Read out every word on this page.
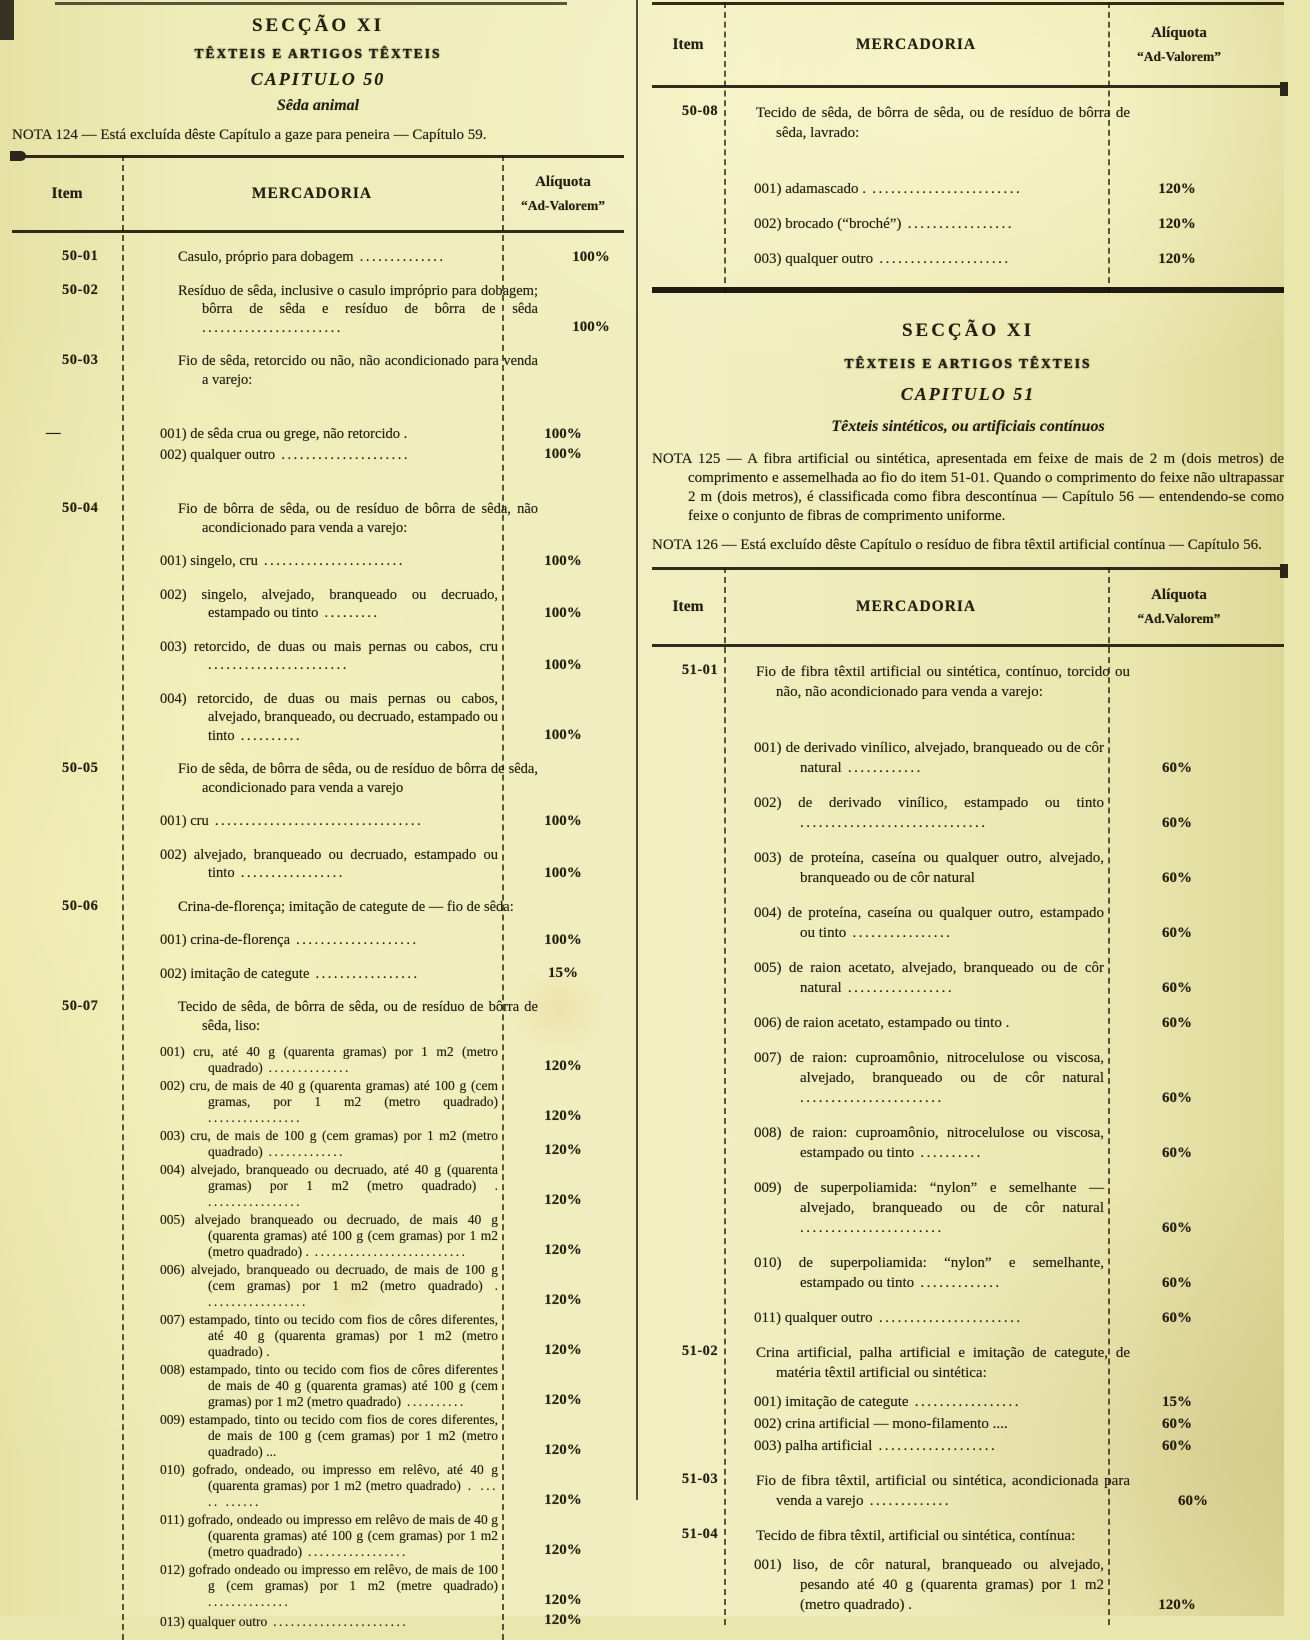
SECÇÃO XI
TÊXTEIS E ARTIGOS TÊXTEIS
CAPITULO 50
Sêda animal
NOTA 124 — Está excluída dêste Capítulo a gaze para peneira — Capítulo 59.
Item	MERCADORIA
Alíquota
“Ad-Valorem”
50-01	Casulo, próprio para dobagem ..............	100%
50-02	Resíduo de sêda, inclusive o casulo impróprio para dobagem; bôrra de sêda e resíduo de bôrra de sêda .......................	100%
50-03	Fio de sêda, retorcido ou não, não acondicionado para venda a varejo:
—	001) de sêda crua ou grege, não retorcido .	100%
002) qualquer outro .....................	100%
50-04	Fio de bôrra de sêda, ou de resíduo de bôrra de sêda, não acondicionado para venda a varejo:
001) singelo, cru .......................	100%
002) singelo, alvejado, branqueado ou decruado, estampado ou tinto .........	100%
003) retorcido, de duas ou mais pernas ou cabos, cru .......................	100%
004) retorcido, de duas ou mais pernas ou cabos, alvejado, branqueado, ou decruado, estampado ou tinto ..........	100%
50-05	Fio de sêda, de bôrra de sêda, ou de resíduo de bôrra de sêda, acondicionado para venda a varejo
001) cru ..................................	100%
002) alvejado, branqueado ou decruado, estampado ou tinto .................	100%
50-06	Crina-de-florença; imitação de categute de — fio de sêda:
001) crina-de-florença ....................	100%
002) imitação de categute .................	15%
50-07	Tecido de sêda, de bôrra de sêda, ou de resíduo de bôrra de sêda, liso:
001) cru, até 40 g (quarenta gramas) por 1 m2 (metro quadrado) ..............	120%
002) cru, de mais de 40 g (quarenta gramas) até 100 g (cem gramas, por 1 m2 (metro quadrado) ................	120%
003) cru, de mais de 100 g (cem gramas) por 1 m2 (metro quadrado) .............	120%
004) alvejado, branqueado ou decruado, até 40 g (quarenta gramas) por 1 m2 (metro quadrado) . ................	120%
005) alvejado branqueado ou decruado, de mais 40 g (quarenta gramas) até 100 g (cem gramas) por 1 m2 (metro quadrado) . ..........................	120%
006) alvejado, branqueado ou decruado, de mais de 100 g (cem gramas) por 1 m2 (metro quadrado) . .................	120%
007) estampado, tinto ou tecido com fios de côres diferentes, até 40 g (quarenta gramas) por 1 m2 (metro quadrado) .	120%
008) estampado, tinto ou tecido com fios de côres diferentes de mais de 40 g (quarenta gramas) até 100 g (cem gramas) por 1 m2 (metro quadrado) ..........	120%
009) estampado, tinto ou tecido com fios de cores diferentes, de mais de 100 g (cem gramas) por 1 m2 (metro quadrado) ...	120%
010) gofrado, ondeado, ou impresso em relêvo, até 40 g (quarenta gramas) por 1 m2 (metro quadrado) . ... .. ......	120%
011) gofrado, ondeado ou impresso em relêvo de mais de 40 g (quarenta gramas) até 100 g (cem gramas) por 1 m2 (metro quadrado) .................	120%
012) gofrado ondeado ou impresso em relêvo, de mais de 100 g (cem gramas) por 1 m2 (metre quadrado) ..............	120%
013) qualquer outro .......................	120%
Item	MERCADORIA
Alíquota
“Ad-Valorem”
50-08	Tecido de sêda, de bôrra de sêda, ou de resíduo de bôrra de sêda, lavrado:
001) adamascado . ........................	120%
002) brocado (“broché”) .................	120%
003) qualquer outro .....................	120%
SECÇÃO XI
TÊXTEIS E ARTIGOS TÊXTEIS
CAPITULO 51
Têxteis sintéticos, ou artificiais contínuos
NOTA 125 — A fibra artificial ou sintética, apresentada em feixe de mais de 2 m (dois metros) de comprimento e assemelhada ao fio do item 51-01. Quando o comprimento do feixe não ultrapassar 2 m (dois metros), é classificada como fibra descontínua — Capítulo 56 — entendendo-se como feixe o conjunto de fibras de comprimento uniforme.
NOTA 126 — Está excluído dêste Capítulo o resíduo de fibra têxtil artificial contínua — Capítulo 56.
Item	MERCADORIA
Alíquota
“Ad.Valorem”
51-01	Fio de fibra têxtil artificial ou sintética, contínuo, torcido ou não, não acondicionado para venda a varejo:
001) de derivado vinílico, alvejado, branqueado ou de côr natural ............	60%
002) de derivado vinílico, estampado ou tinto ..............................	60%
003) de proteína, caseína ou qualquer outro, alvejado, branqueado ou de côr natural	60%
004) de proteína, caseína ou qualquer outro, estampado ou tinto ................	60%
005) de raion acetato, alvejado, branqueado ou de côr natural .................	60%
006) de raion acetato, estampado ou tinto .	60%
007) de raion: cuproamônio, nitrocelulose ou viscosa, alvejado, branqueado ou de côr natural .......................	60%
008) de raion: cuproamônio, nitrocelulose ou viscosa, estampado ou tinto ..........	60%
009) de superpoliamida: “nylon” e semelhante — alvejado, branqueado ou de côr natural .......................	60%
010) de superpoliamida: “nylon” e semelhante, estampado ou tinto .............	60%
011) qualquer outro .......................	60%
51-02	Crina artificial, palha artificial e imitação de categute, de matéria têxtil artificial ou sintética:
001) imitação de categute .................	15%
002) crina artificial — mono-filamento ....	60%
003) palha artificial ...................	60%
51-03	Fio de fibra têxtil, artificial ou sintética, acondicionada para venda a varejo .............	60%
51-04	Tecido de fibra têxtil, artificial ou sintética, contínua:
001) liso, de côr natural, branqueado ou alvejado, pesando até 40 g (quarenta gramas) por 1 m2 (metro quadrado) .	120%
